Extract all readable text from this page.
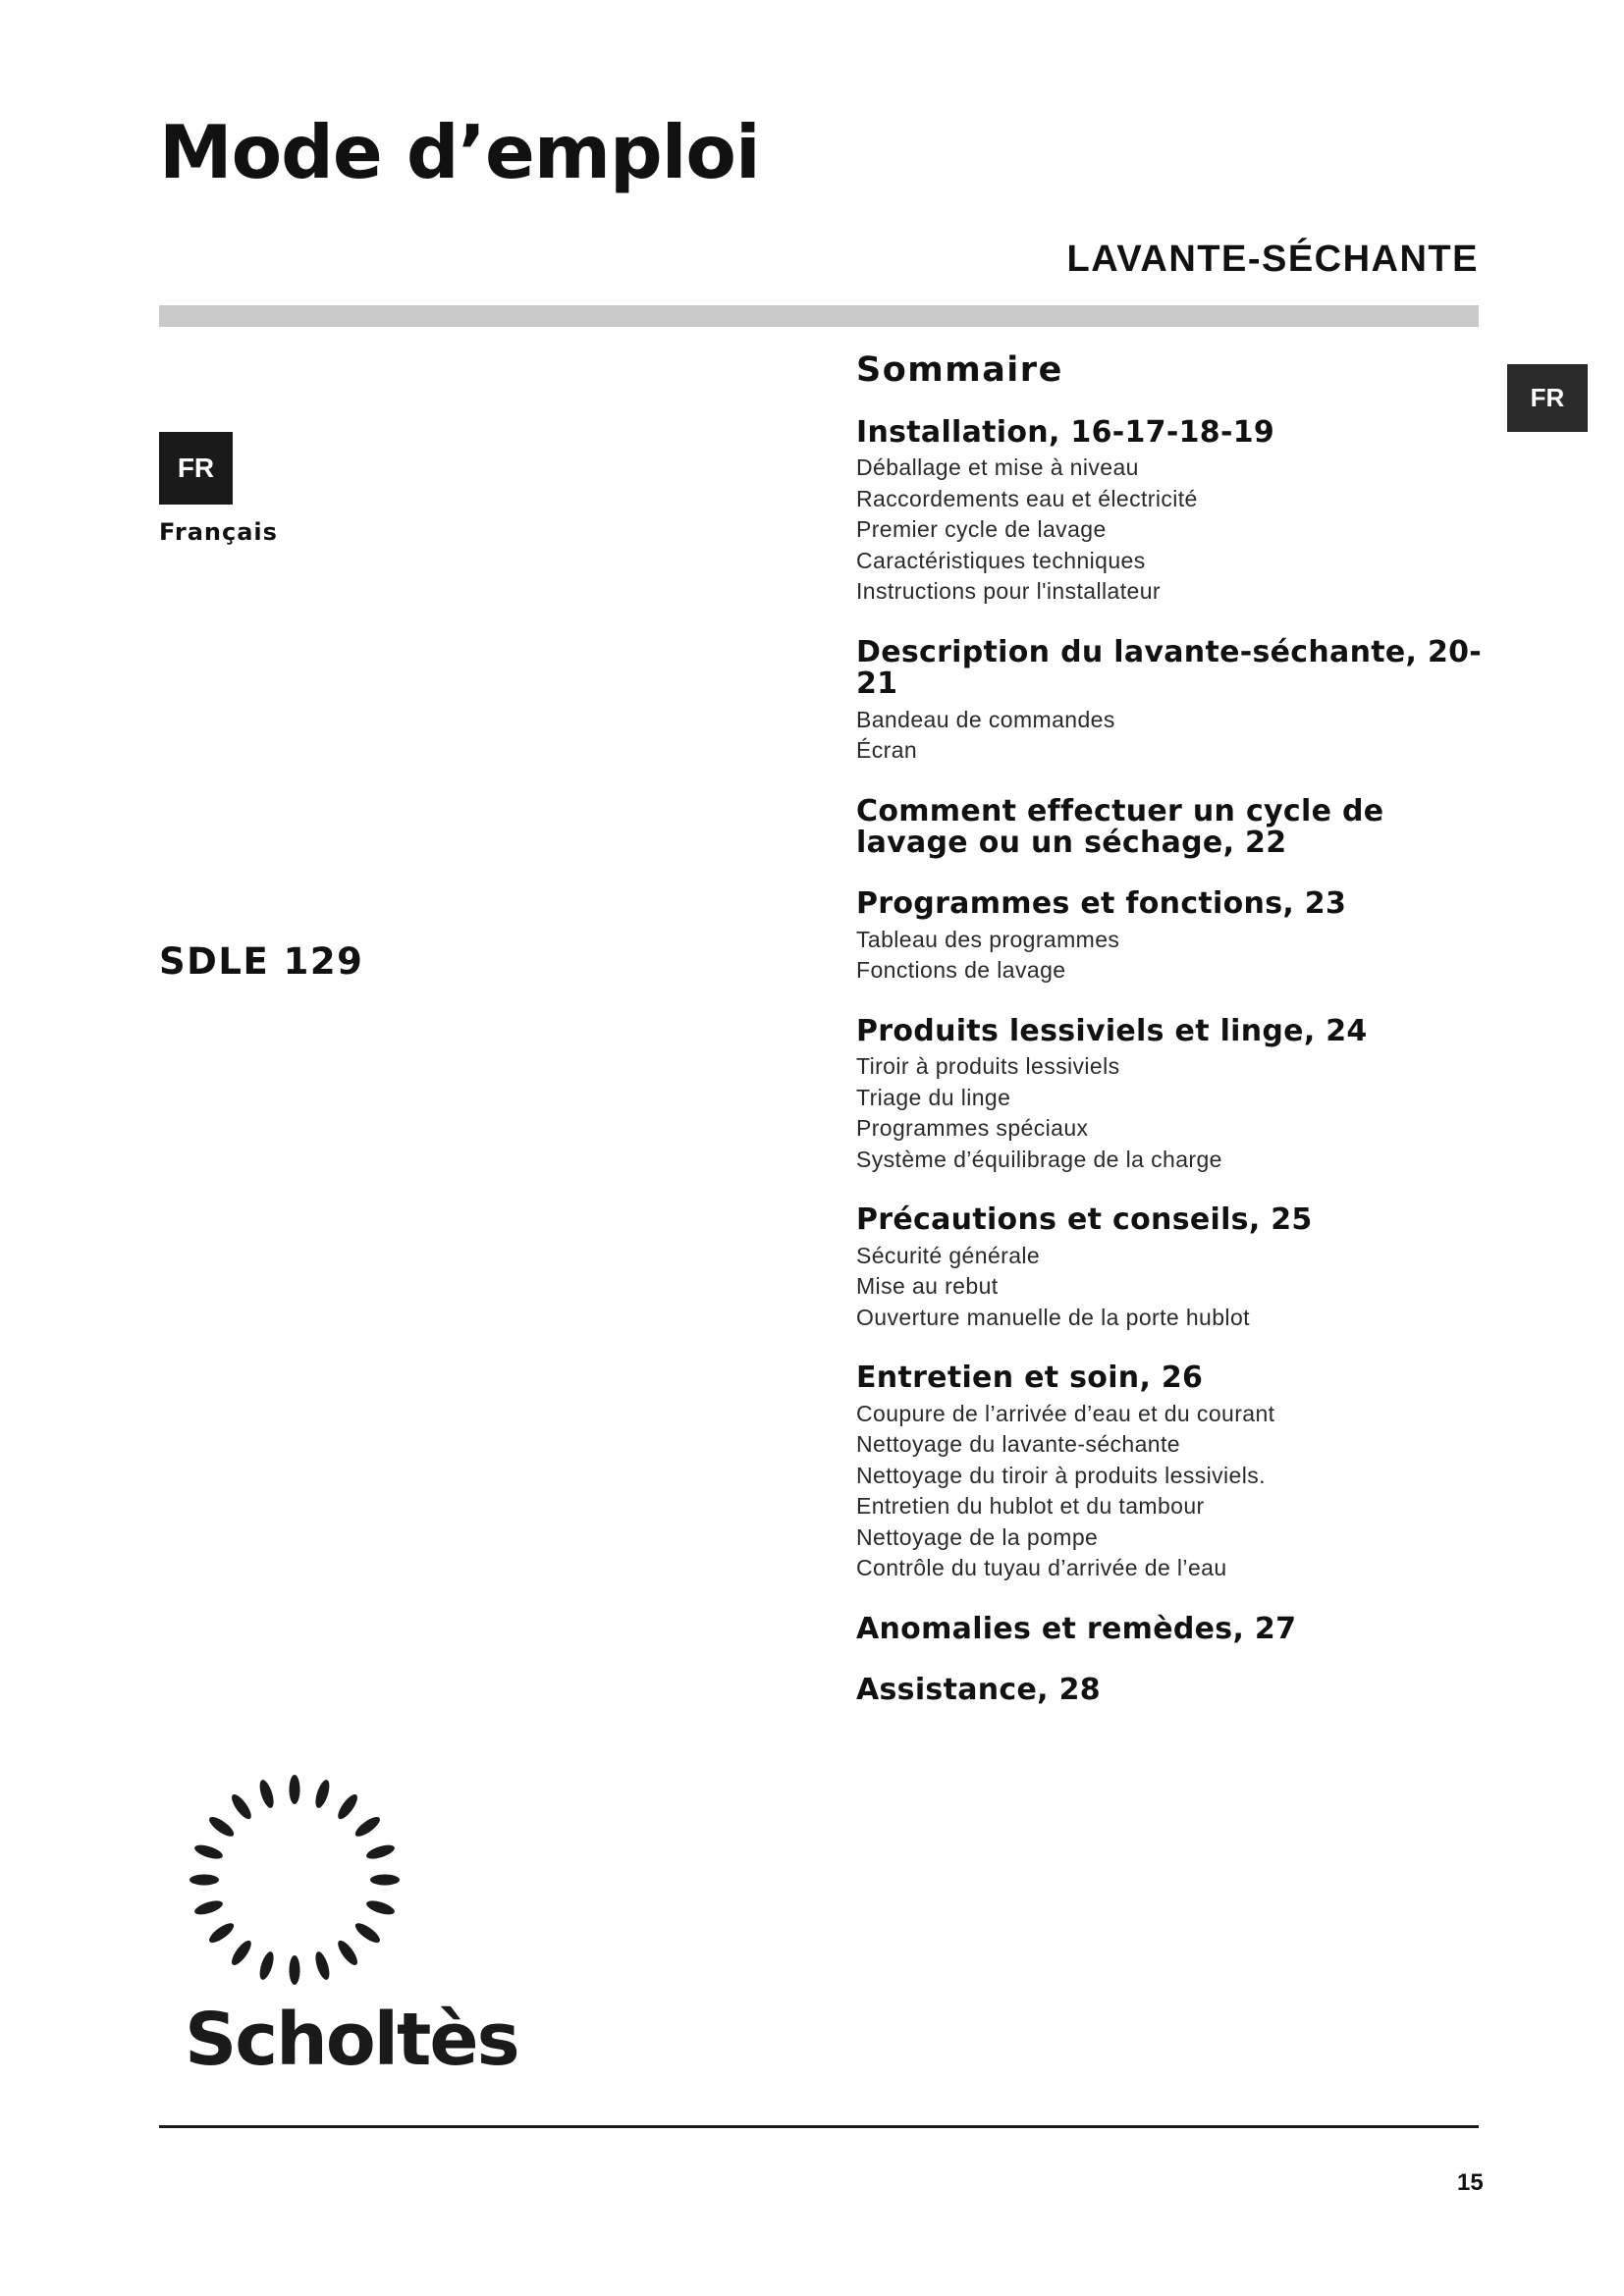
Mode d’emploi
LAVANTE-SÉCHANTE
FR
Français
FR
SDLE 129
Sommaire
Installation, 16-17-18-19
Déballage et mise à niveau
Raccordements eau et électricité
Premier cycle de lavage
Caractéristiques techniques
Instructions pour l'installateur
Description du lavante-séchante, 20-21
Bandeau de commandes
Écran
Comment effectuer un cycle de lavage ou un séchage, 22
Programmes et fonctions, 23
Tableau des programmes
Fonctions de lavage
Produits lessiviels et linge, 24
Tiroir à produits lessiviels
Triage du linge
Programmes spéciaux
Système d’équilibrage de la charge
Précautions et conseils, 25
Sécurité générale
Mise au rebut
Ouverture manuelle de la porte hublot
Entretien et soin, 26
Coupure de l’arrivée d’eau et du courant
Nettoyage du lavante-séchante
Nettoyage du tiroir à produits lessiviels.
Entretien du hublot et du tambour
Nettoyage de la pompe
Contrôle du tuyau d’arrivée de l’eau
Anomalies et remèdes, 27
Assistance, 28
Scholtès
15
